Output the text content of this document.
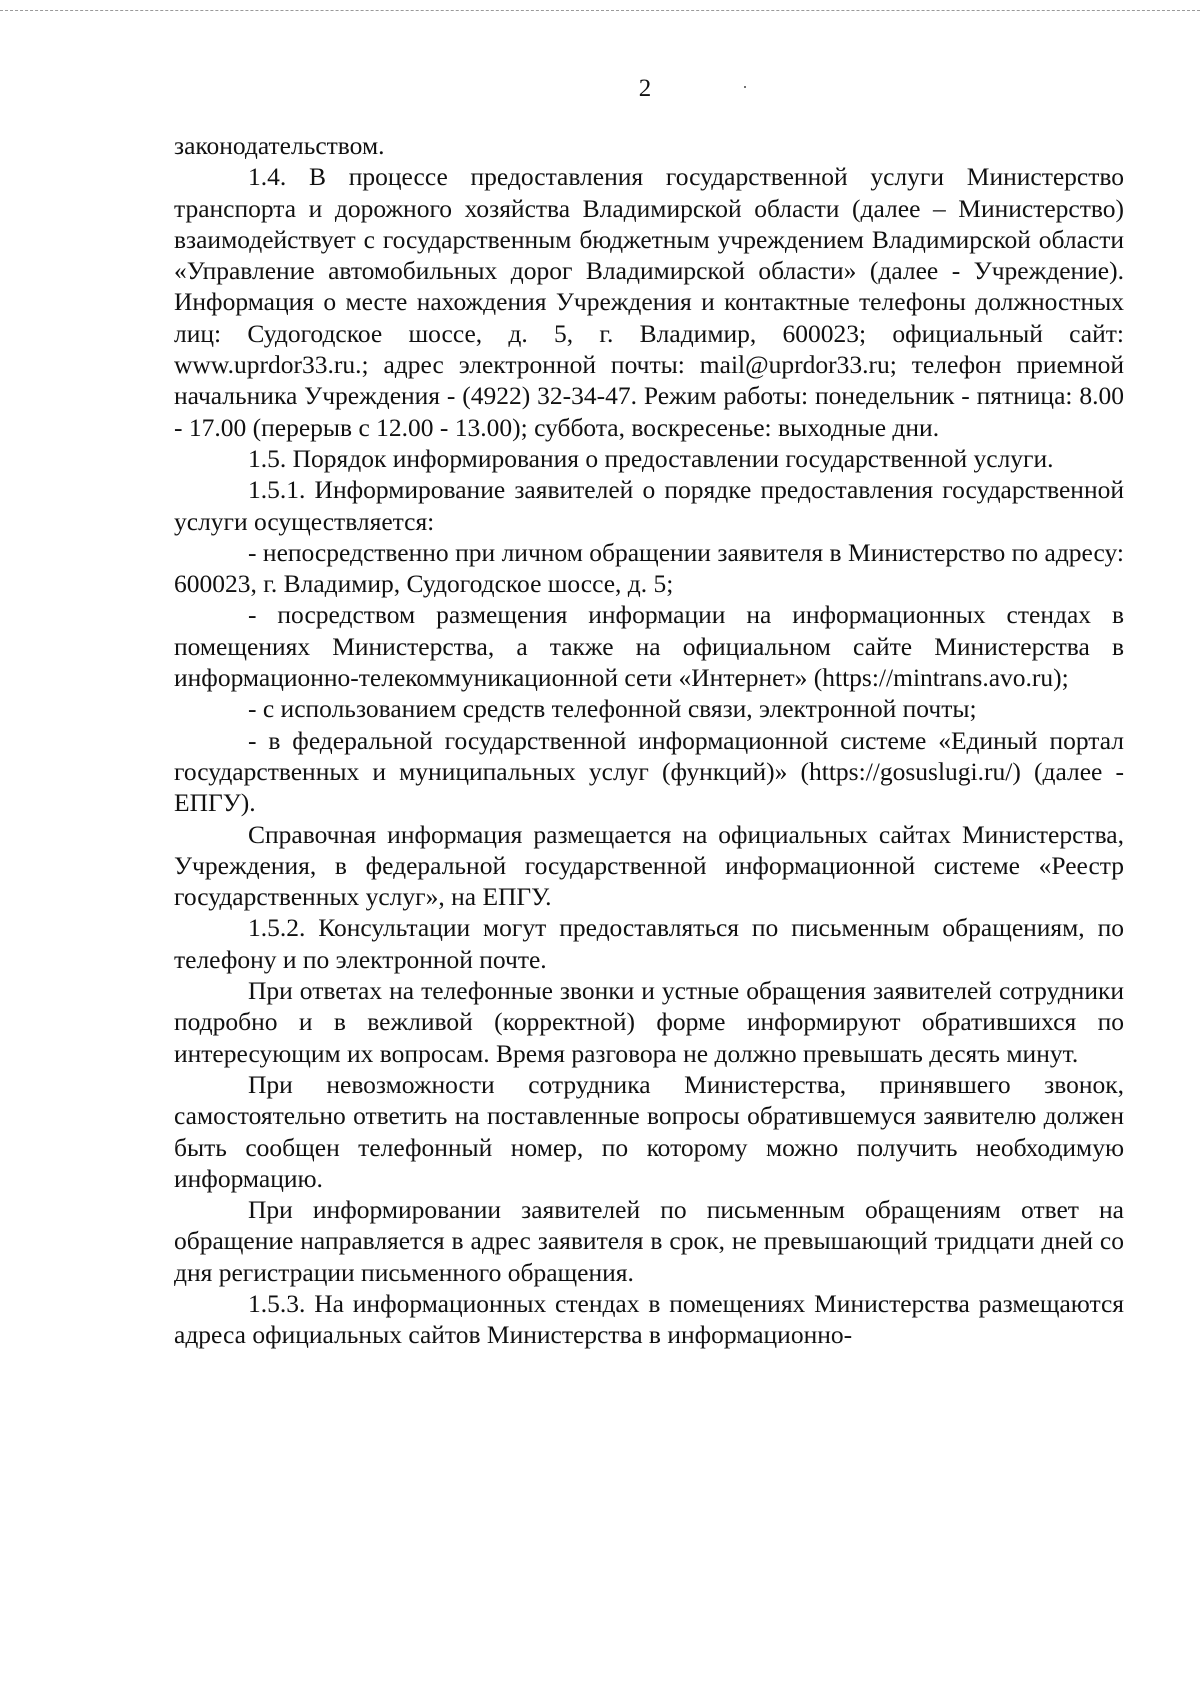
2

законодательством.

1.4. В процессе предоставления государственной услуги Министерство транспорта и дорожного хозяйства Владимирской области (далее – Министерство) взаимодействует с государственным бюджетным учреждением Владимирской области «Управление автомобильных дорог Владимирской области» (далее - Учреждение). Информация о месте нахождения Учреждения и контактные телефоны должностных лиц: Судогодское шоссе, д. 5, г. Владимир, 600023; официальный сайт: www.uprdor33.ru.; адрес электронной почты: mail@uprdor33.ru; телефон приемной начальника Учреждения - (4922) 32-34-47. Режим работы: понедельник - пятница: 8.00 - 17.00 (перерыв с 12.00 - 13.00); суббота, воскресенье: выходные дни.

1.5. Порядок информирования о предоставлении государственной услуги.

1.5.1. Информирование заявителей о порядке предоставления государственной услуги осуществляется:

- непосредственно при личном обращении заявителя в Министерство по адресу: 600023, г. Владимир, Судогодское шоссе, д. 5;

- посредством размещения информации на информационных стендах в помещениях Министерства, а также на официальном сайте Министерства в информационно-телекоммуникационной сети «Интернет» (https://mintrans.avo.ru);

- с использованием средств телефонной связи, электронной почты;

- в федеральной государственной информационной системе «Единый портал государственных и муниципальных услуг (функций)» (https://gosuslugi.ru/) (далее - ЕПГУ).

Справочная информация размещается на официальных сайтах Министерства, Учреждения, в федеральной государственной информационной системе «Реестр государственных услуг», на ЕПГУ.

1.5.2. Консультации могут предоставляться по письменным обращениям, по телефону и по электронной почте.

При ответах на телефонные звонки и устные обращения заявителей сотрудники подробно и в вежливой (корректной) форме информируют обратившихся по интересующим их вопросам. Время разговора не должно превышать десять минут.

При невозможности сотрудника Министерства, принявшего звонок, самостоятельно ответить на поставленные вопросы обратившемуся заявителю должен быть сообщен телефонный номер, по которому можно получить необходимую информацию.

При информировании заявителей по письменным обращениям ответ на обращение направляется в адрес заявителя в срок, не превышающий тридцати дней со дня регистрации письменного обращения.

1.5.3. На информационных стендах в помещениях Министерства размещаются адреса официальных сайтов Министерства в информационно-
